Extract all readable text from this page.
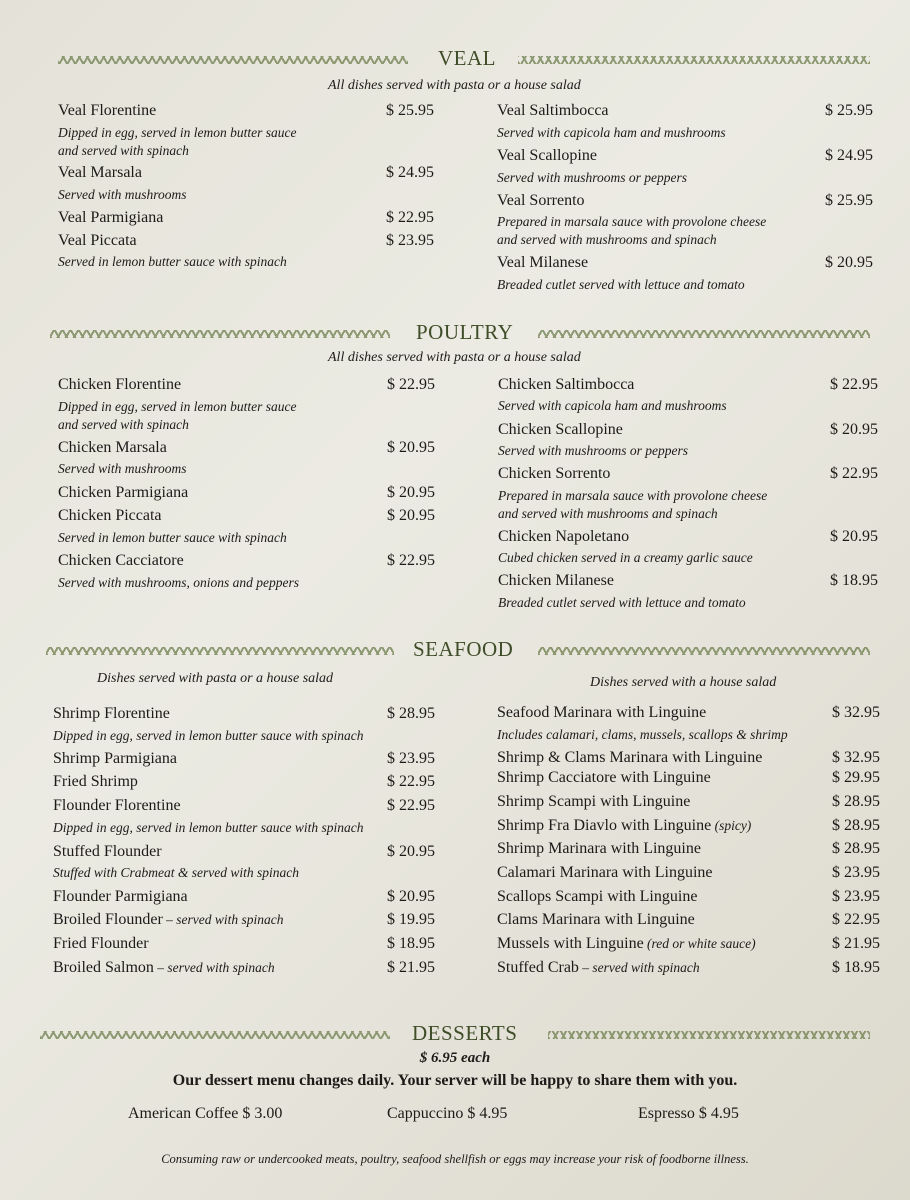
VEAL
All dishes served with pasta or a house salad
Veal Florentine	$ 25.95
Dipped in egg, served in lemon butter sauce
and served with spinach
Veal Marsala	$ 24.95
Served with mushrooms
Veal Parmigiana	$ 22.95
Veal Piccata	$ 23.95
Served in lemon butter sauce with spinach
Veal Saltimbocca	$ 25.95
Served with capicola ham and mushrooms
Veal Scallopine	$ 24.95
Served with mushrooms or peppers
Veal Sorrento	$ 25.95
Prepared in marsala sauce with provolone cheese
and served with mushrooms and spinach
Veal Milanese	$ 20.95
Breaded cutlet served with lettuce and tomato
POULTRY
All dishes served with pasta or a house salad
Chicken Florentine	$ 22.95
Dipped in egg, served in lemon butter sauce
and served with spinach
Chicken Marsala	$ 20.95
Served with mushrooms
Chicken Parmigiana	$ 20.95
Chicken Piccata	$ 20.95
Served in lemon butter sauce with spinach
Chicken Cacciatore	$ 22.95
Served with mushrooms, onions and peppers
Chicken Saltimbocca	$ 22.95
Served with capicola ham and mushrooms
Chicken Scallopine	$ 20.95
Served with mushrooms or peppers
Chicken Sorrento	$ 22.95
Prepared in marsala sauce with provolone cheese
and served with mushrooms and spinach
Chicken Napoletano	$ 20.95
Cubed chicken served in a creamy garlic sauce
Chicken Milanese	$ 18.95
Breaded cutlet served with lettuce and tomato
SEAFOOD
Dishes served with pasta or a house salad	Dishes served with a house salad
Shrimp Florentine	$ 28.95
Dipped in egg, served in lemon butter sauce with spinach
Shrimp Parmigiana	$ 23.95
Fried Shrimp	$ 22.95
Flounder Florentine	$ 22.95
Dipped in egg, served in lemon butter sauce with spinach
Stuffed Flounder	$ 20.95
Stuffed with Crabmeat & served with spinach
Flounder Parmigiana	$ 20.95
Broiled Flounder – served with spinach	$ 19.95
Fried Flounder	$ 18.95
Broiled Salmon – served with spinach	$ 21.95
Seafood Marinara with Linguine	$ 32.95
Includes calamari, clams, mussels, scallops & shrimp
Shrimp & Clams Marinara with Linguine	$ 32.95
Shrimp Cacciatore with Linguine	$ 29.95
Shrimp Scampi with Linguine	$ 28.95
Shrimp Fra Diavlo with Linguine (spicy)	$ 28.95
Shrimp Marinara with Linguine	$ 28.95
Calamari Marinara with Linguine	$ 23.95
Scallops Scampi with Linguine	$ 23.95
Clams Marinara with Linguine	$ 22.95
Mussels with Linguine (red or white sauce)	$ 21.95
Stuffed Crab – served with spinach	$ 18.95
DESSERTS
$ 6.95 each
Our dessert menu changes daily. Your server will be happy to share them with you.
American Coffee $ 3.00	Cappuccino $ 4.95	Espresso $ 4.95
Consuming raw or undercooked meats, poultry, seafood shellfish or eggs may increase your risk of foodborne illness.
